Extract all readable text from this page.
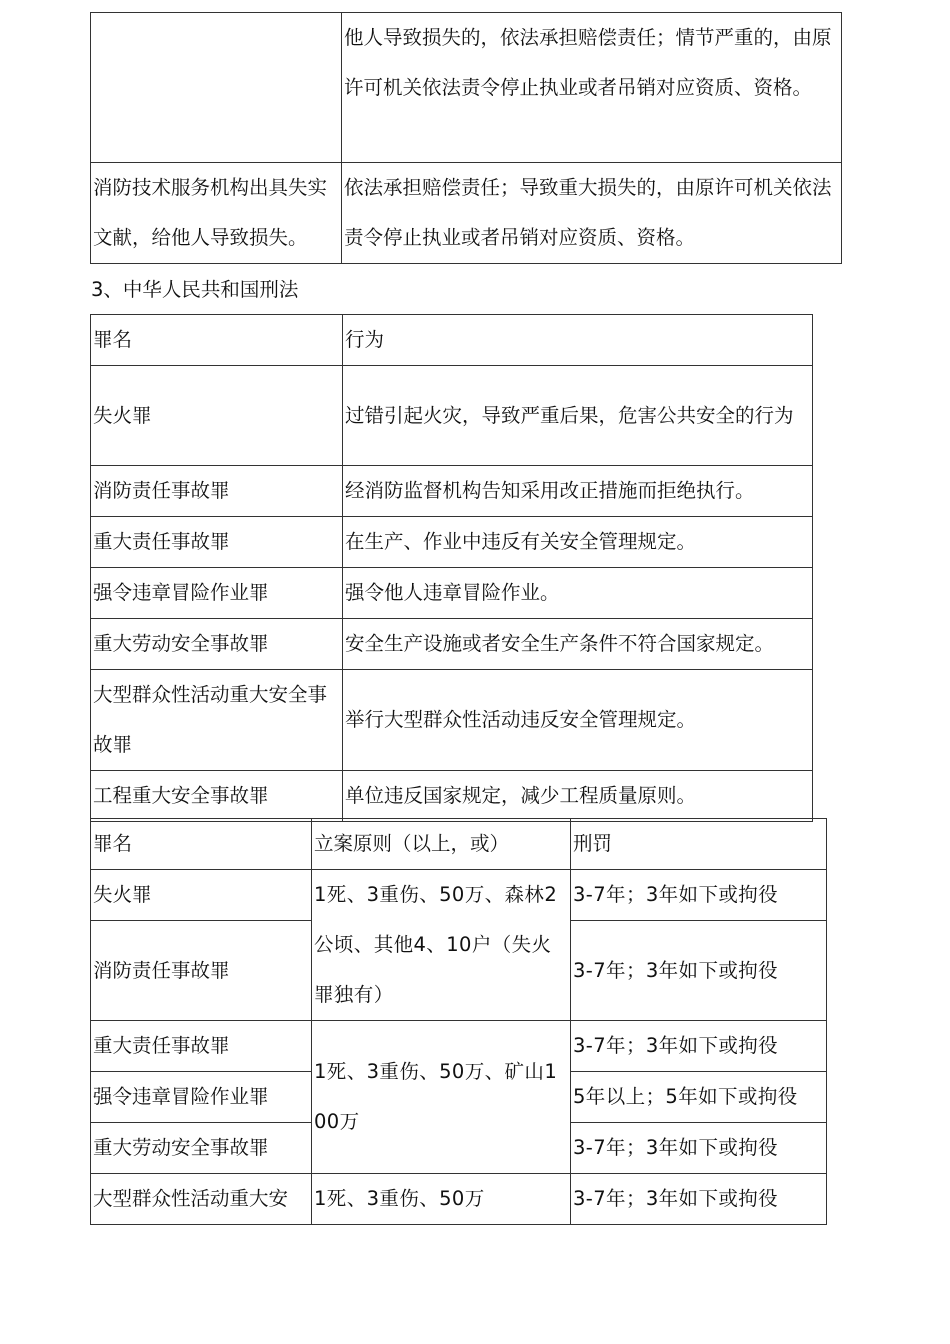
	他人导致损失的，依法承担赔偿责任；情节严重的，由原许可机关依法责令停止执业或者吊销对应资质、资格。
消防技术服务机构出具失实文献，给他人导致损失。	依法承担赔偿责任；导致重大损失的，由原许可机关依法责令停止执业或者吊销对应资质、资格。
3、中华人民共和国刑法
罪名	行为
失火罪	过错引起火灾，导致严重后果，危害公共安全的行为
消防责任事故罪	经消防监督机构告知采用改正措施而拒绝执行。
重大责任事故罪	在生产、作业中违反有关安全管理规定。
强令违章冒险作业罪	强令他人违章冒险作业。
重大劳动安全事故罪	安全生产设施或者安全生产条件不符合国家规定。
大型群众性活动重大安全事故罪	举行大型群众性活动违反安全管理规定。
工程重大安全事故罪	单位违反国家规定，减少工程质量原则。
罪名	立案原则（以上，或）	刑罚
失火罪	1死、3重伤、50万、森林2公顷、其他4、10户（失火罪独有）	3-7年；3年如下或拘役
消防责任事故罪		3-7年；3年如下或拘役
重大责任事故罪	1死、3重伤、50万、矿山100万	3-7年；3年如下或拘役
强令违章冒险作业罪		5年以上；5年如下或拘役
重大劳动安全事故罪		3-7年；3年如下或拘役
大型群众性活动重大安	1死、3重伤、50万	3-7年；3年如下或拘役
